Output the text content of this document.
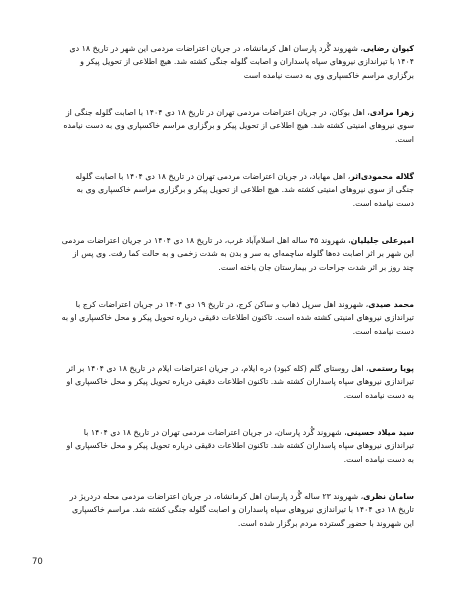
کیوان رضایی، شهروند گُرد پارسان اهل کرمانشاه، در جریان اعتراضات مردمی این شهر در تاریخ ۱۸ دی ۱۴۰۴ با تیراندازی نیروهای سپاه پاسداران و اصابت گلوله جنگی کشته شد. هیچ اطلاعی از تحویل پیکر و برگزاری مراسم خاکسپاری وی به دست نیامده است

زهرا مرادی، اهل بوکان، در جریان اعتراضات مردمی تهران در تاریخ ۱۸ دی ۱۴۰۴ با اصابت گلوله جنگی از سوی نیروهای امنیتی کشته شد. هیچ اطلاعی از تحویل پیکر و برگزاری مراسم خاکسپاری وی به دست نیامده است.

گلاله محمودی‌اثر، اهل مهاباد، در جریان اعتراضات مردمی تهران در تاریخ ۱۸ دی ۱۴۰۴ با اصابت گلوله جنگی از سوی نیروهای امنیتی کشته شد. هیچ اطلاعی از تحویل پیکر و برگزاری مراسم خاکسپاری وی به دست نیامده است.

امیرعلی جلیلیان، شهروند ۴۵ ساله اهل اسلام‌آباد غرب، در تاریخ ۱۸ دی ۱۴۰۴ در جریان اعتراضات مردمی این شهر بر اثر اصابت ده‌ها گلوله ساچمه‌ای به سر و بدن به شدت زخمی و به حالت کما رفت. وی پس از چند روز بر اثر شدت جراحات در بیمارستان جان باخته است.

محمد صیدی، شهروند اهل سرپل ذهاب و ساکن کرج، در تاریخ ۱۹ دی ۱۴۰۴ در جریان اعتراضات کرج با تیراندازی نیروهای امنیتی کشته شده است. تاکنون اطلاعات دقیقی درباره تحویل پیکر و محل خاکسپاری او به دست نیامده است.

پویا رستمی، اهل روستای گلم (کله کبود) دره ایلام، در جریان اعتراضات ایلام در تاریخ ۱۸ دی ۱۴۰۴ بر اثر تیراندازی نیروهای سپاه پاسداران کشته شد. تاکنون اطلاعات دقیقی درباره تحویل پیکر و محل خاکسپاری او به دست نیامده است.

سید میلاد حسینی، شهروند گُرد پارسان، در جریان اعتراضات مردمی تهران در تاریخ ۱۸ دی ۱۴۰۴ با تیراندازی نیروهای سپاه پاسداران کشته شد. تاکنون اطلاعات دقیقی درباره تحویل پیکر و محل خاکسپاری او به دست نیامده است.

سامان نظری، شهروند ۲۳ ساله گُرد پارسان اهل کرمانشاه، در جریان اعتراضات مردمی محله دردریژ در تاریخ ۱۸ دی ۱۴۰۴ با تیراندازی نیروهای سپاه پاسداران و اصابت گلوله جنگی کشته شد. مراسم خاکسپاری این شهروند با حضور گسترده مردم برگزار شده است.

70
